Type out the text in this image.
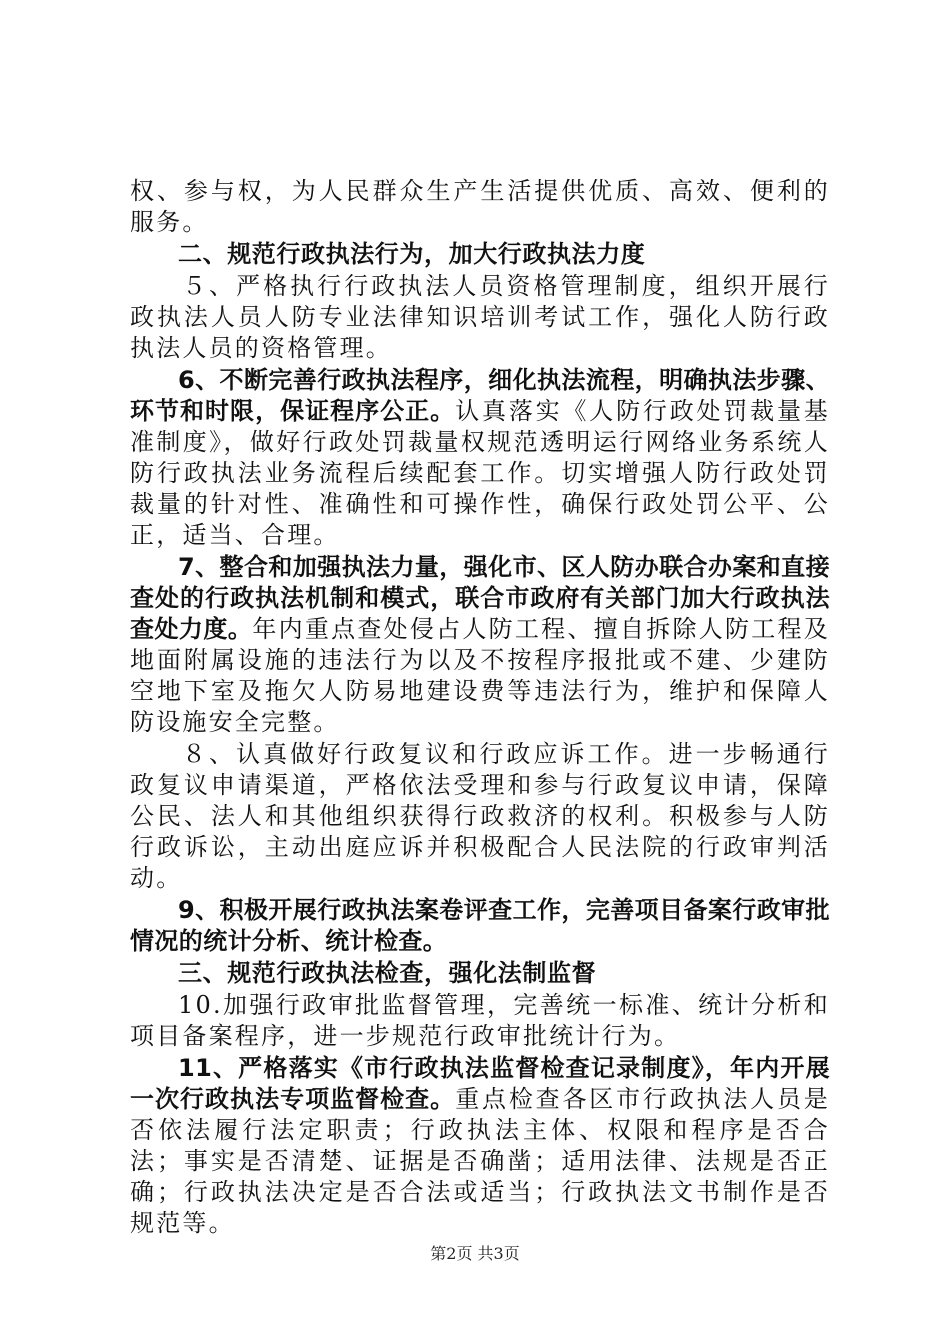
权、参与权，为人民群众生产生活提供优质、高效、便利的服务。

二、规范行政执法行为，加大行政执法力度

５、严格执行行政执法人员资格管理制度，组织开展行政执法人员人防专业法律知识培训考试工作，强化人防行政执法人员的资格管理。

6、不断完善行政执法程序，细化执法流程，明确执法步骤、环节和时限，保证程序公正。认真落实《人防行政处罚裁量基准制度》，做好行政处罚裁量权规范透明运行网络业务系统人防行政执法业务流程后续配套工作。切实增强人防行政处罚裁量的针对性、准确性和可操作性，确保行政处罚公平、公正，适当、合理。

7、整合和加强执法力量，强化市、区人防办联合办案和直接查处的行政执法机制和模式，联合市政府有关部门加大行政执法查处力度。年内重点查处侵占人防工程、擅自拆除人防工程及地面附属设施的违法行为以及不按程序报批或不建、少建防空地下室及拖欠人防易地建设费等违法行为，维护和保障人防设施安全完整。

８、认真做好行政复议和行政应诉工作。进一步畅通行政复议申请渠道，严格依法受理和参与行政复议申请，保障公民、法人和其他组织获得行政救济的权利。积极参与人防行政诉讼，主动出庭应诉并积极配合人民法院的行政审判活动。

9、积极开展行政执法案卷评查工作，完善项目备案行政审批情况的统计分析、统计检查。

三、规范行政执法检查，强化法制监督

10.加强行政审批监督管理，完善统一标准、统计分析和项目备案程序，进一步规范行政审批统计行为。

11、严格落实《市行政执法监督检查记录制度》，年内开展一次行政执法专项监督检查。重点检查各区市行政执法人员是否依法履行法定职责；行政执法主体、权限和程序是否合法；事实是否清楚、证据是否确凿；适用法律、法规是否正确；行政执法决定是否合法或适当；行政执法文书制作是否规范等。

第2页 共3页
